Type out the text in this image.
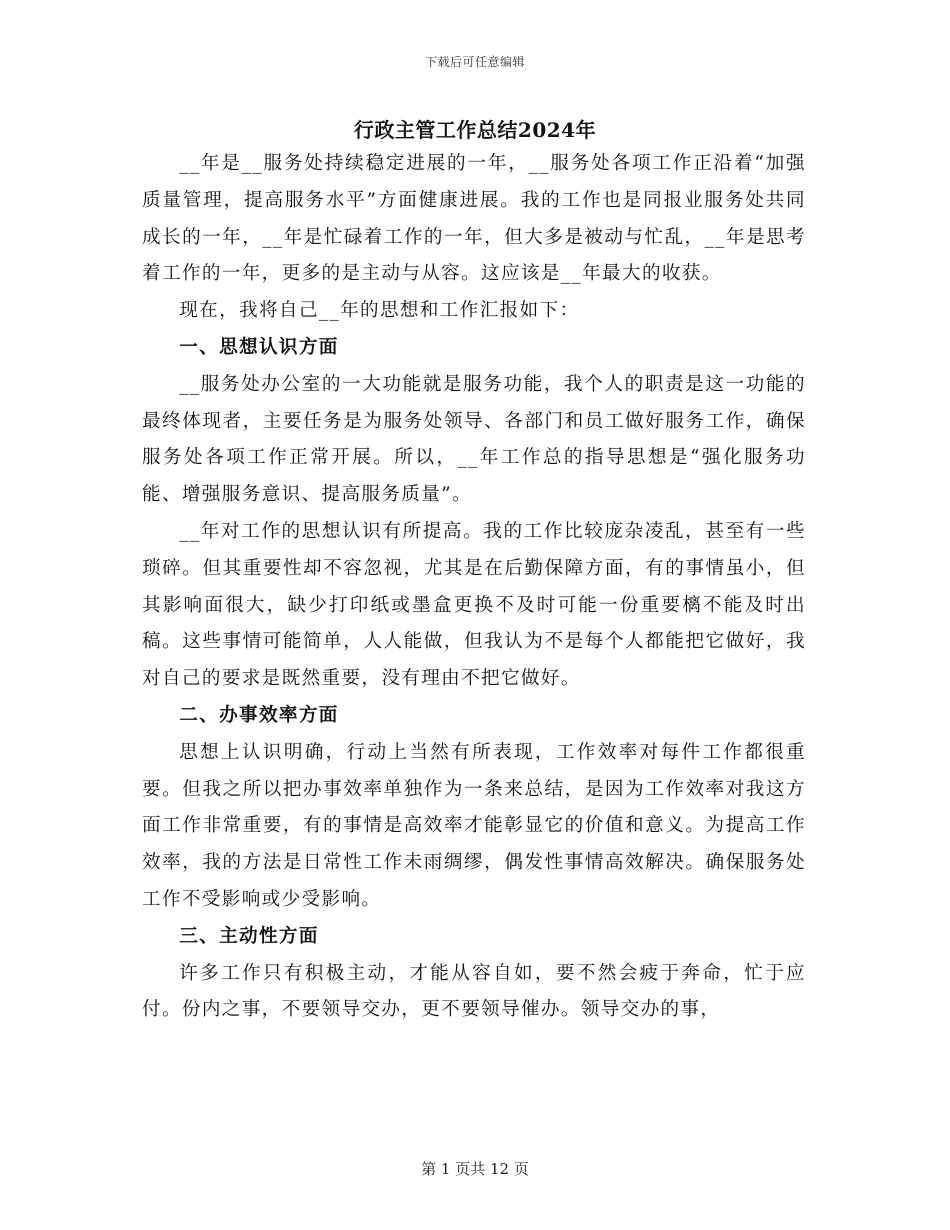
下载后可任意编辑
行政主管工作总结2024年

__年是__服务处持续稳定进展的一年，__服务处各项工作正沿着“加强质量管理，提高服务水平”方面健康进展。我的工作也是同报业服务处共同成长的一年，__年是忙碌着工作的一年，但大多是被动与忙乱，__年是思考着工作的一年，更多的是主动与从容。这应该是__年最大的收获。

现在，我将自己__年的思想和工作汇报如下：

一、思想认识方面

__服务处办公室的一大功能就是服务功能，我个人的职责是这一功能的最终体现者，主要任务是为服务处领导、各部门和员工做好服务工作，确保服务处各项工作正常开展。所以，__年工作总的指导思想是“强化服务功能、增强服务意识、提高服务质量”。

__年对工作的思想认识有所提高。我的工作比较庞杂凌乱，甚至有一些琐碎。但其重要性却不容忽视，尤其是在后勤保障方面，有的事情虽小，但其影响面很大，缺少打印纸或墨盒更换不及时可能一份重要樆不能及时出稿。这些事情可能简单，人人能做，但我认为不是每个人都能把它做好，我对自己的要求是既然重要，没有理由不把它做好。

二、办事效率方面

思想上认识明确，行动上当然有所表现，工作效率对每件工作都很重要。但我之所以把办事效率单独作为一条来总结，是因为工作效率对我这方面工作非常重要，有的事情是高效率才能彰显它的价值和意义。为提高工作效率，我的方法是日常性工作未雨绸缪，偶发性事情高效解决。确保服务处工作不受影响或少受影响。

三、主动性方面

许多工作只有积极主动，才能从容自如，要不然会疲于奔命，忙于应付。份内之事，不要领导交办，更不要领导催办。领导交办的事，

第 1 页共 12 页
